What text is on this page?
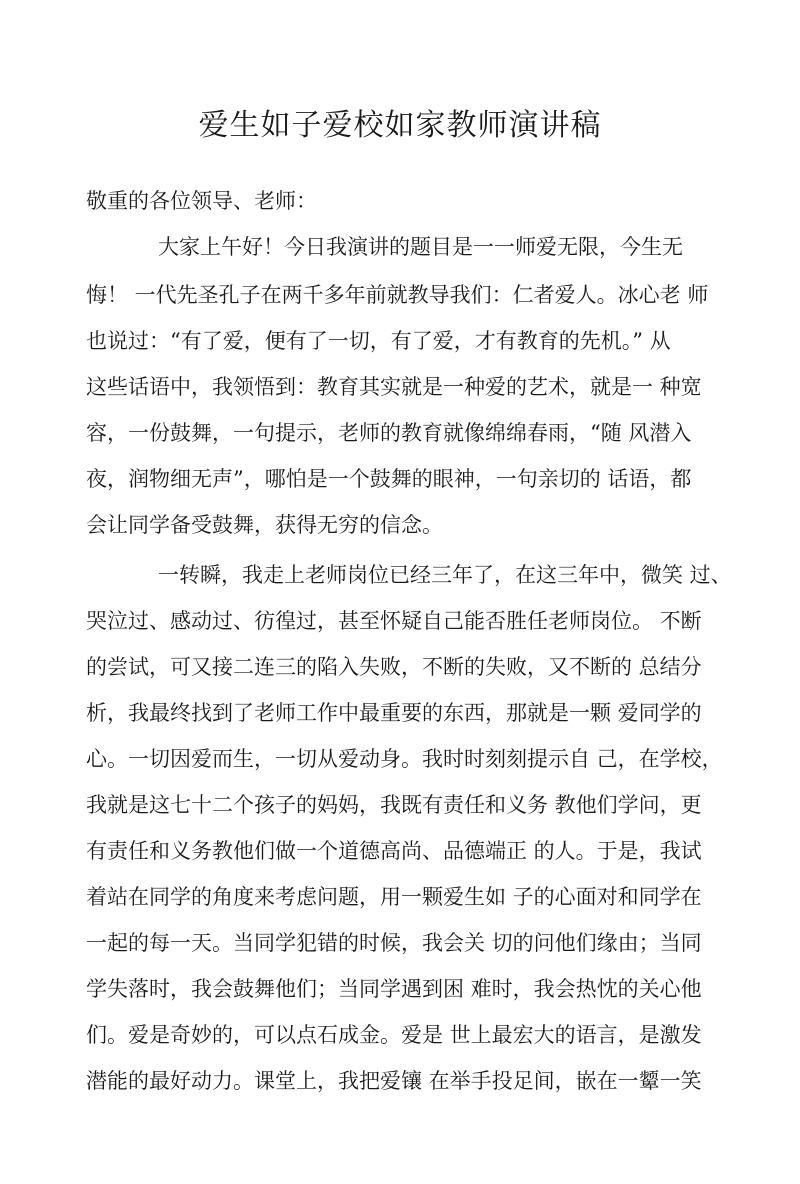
爱生如子爱校如家教师演讲稿
敬重的各位领导、老师：
大家上午好！今日我演讲的题目是一一师爱无限，今生无
悔！ 一代先圣孔子在两千多年前就教导我们：仁者爱人。冰心老 师
也说过：“有了爱，便有了一切，有了爱，才有教育的先机。” 从
这些话语中，我领悟到：教育其实就是一种爱的艺术，就是一 种宽
容，一份鼓舞，一句提示，老师的教育就像绵绵春雨，“随 风潜入
夜，润物细无声”，哪怕是一个鼓舞的眼神，一句亲切的 话语，都
会让同学备受鼓舞，获得无穷的信念。
一转瞬，我走上老师岗位已经三年了，在这三年中，微笑 过、
哭泣过、感动过、彷徨过，甚至怀疑自己能否胜任老师岗位。 不断
的尝试，可又接二连三的陷入失败，不断的失败，又不断的 总结分
析，我最终找到了老师工作中最重要的东西，那就是一颗 爱同学的
心。一切因爱而生，一切从爱动身。我时时刻刻提示自 己，在学校，
我就是这七十二个孩子的妈妈，我既有责任和义务 教他们学问，更
有责任和义务教他们做一个道德高尚、品德端正 的人。于是，我试
着站在同学的角度来考虑问题，用一颗爱生如 子的心面对和同学在
一起的每一天。当同学犯错的时候，我会关 切的问他们缘由；当同
学失落时，我会鼓舞他们；当同学遇到困 难时，我会热忱的关心他
们。爱是奇妙的，可以点石成金。爱是 世上最宏大的语言，是激发
潜能的最好动力。课堂上，我把爱镶 在举手投足间，嵌在一颦一笑
